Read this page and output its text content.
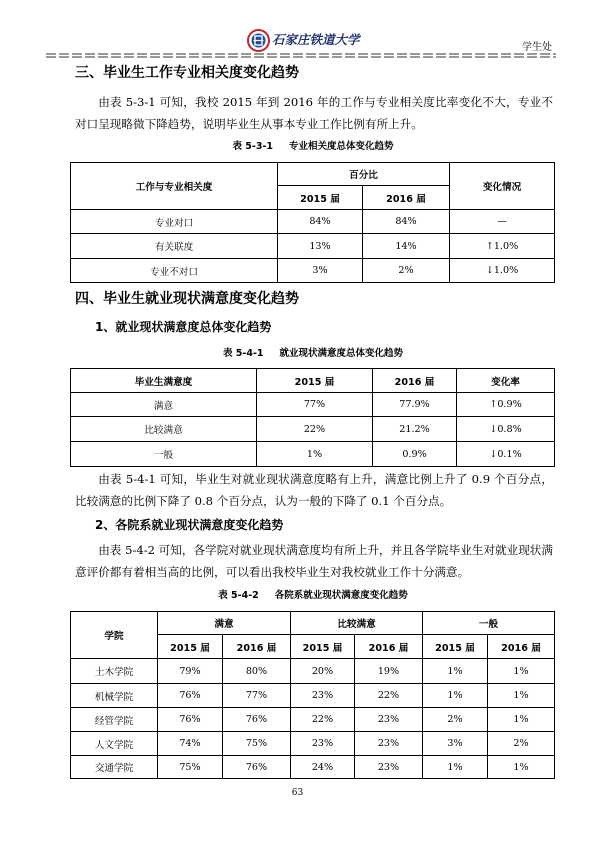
石家庄铁道大学
学生处
三、毕业生工作专业相关度变化趋势
由表 5-3-1 可知，我校 2015 年到 2016 年的工作与专业相关度比率变化不大，专业不对口呈现略微下降趋势，说明毕业生从事本专业工作比例有所上升。
表 5-3-1 专业相关度总体变化趋势
工作与专业相关度	百分比		变化情况
	2015 届	2016 届	
专业对口	84%	84%	—
有关联度	13%	14%	↑1.0%
专业不对口	3%	2%	↓1.0%
四、毕业生就业现状满意度变化趋势
1、就业现状满意度总体变化趋势
表 5-4-1 就业现状满意度总体变化趋势
毕业生满意度	2015 届	2016 届	变化率
满意	77%	77.9%	↑0.9%
比较满意	22%	21.2%	↓0.8%
一般	1%	0.9%	↓0.1%
由表 5-4-1 可知，毕业生对就业现状满意度略有上升，满意比例上升了 0.9 个百分点，比较满意的比例下降了 0.8 个百分点，认为一般的下降了 0.1 个百分点。
2、各院系就业现状满意度变化趋势
由表 5-4-2 可知，各学院对就业现状满意度均有所上升，并且各学院毕业生对就业现状满意评价都有着相当高的比例，可以看出我校毕业生对我校就业工作十分满意。
表 5-4-2 各院系就业现状满意度变化趋势
学院	满意		比较满意		一般	
	2015 届	2016 届	2015 届	2016 届	2015 届	2016 届
土木学院	79%	80%	20%	19%	1%	1%
机械学院	76%	77%	23%	22%	1%	1%
经管学院	76%	76%	22%	23%	2%	1%
人文学院	74%	75%	23%	23%	3%	2%
交通学院	75%	76%	24%	23%	1%	1%
63
